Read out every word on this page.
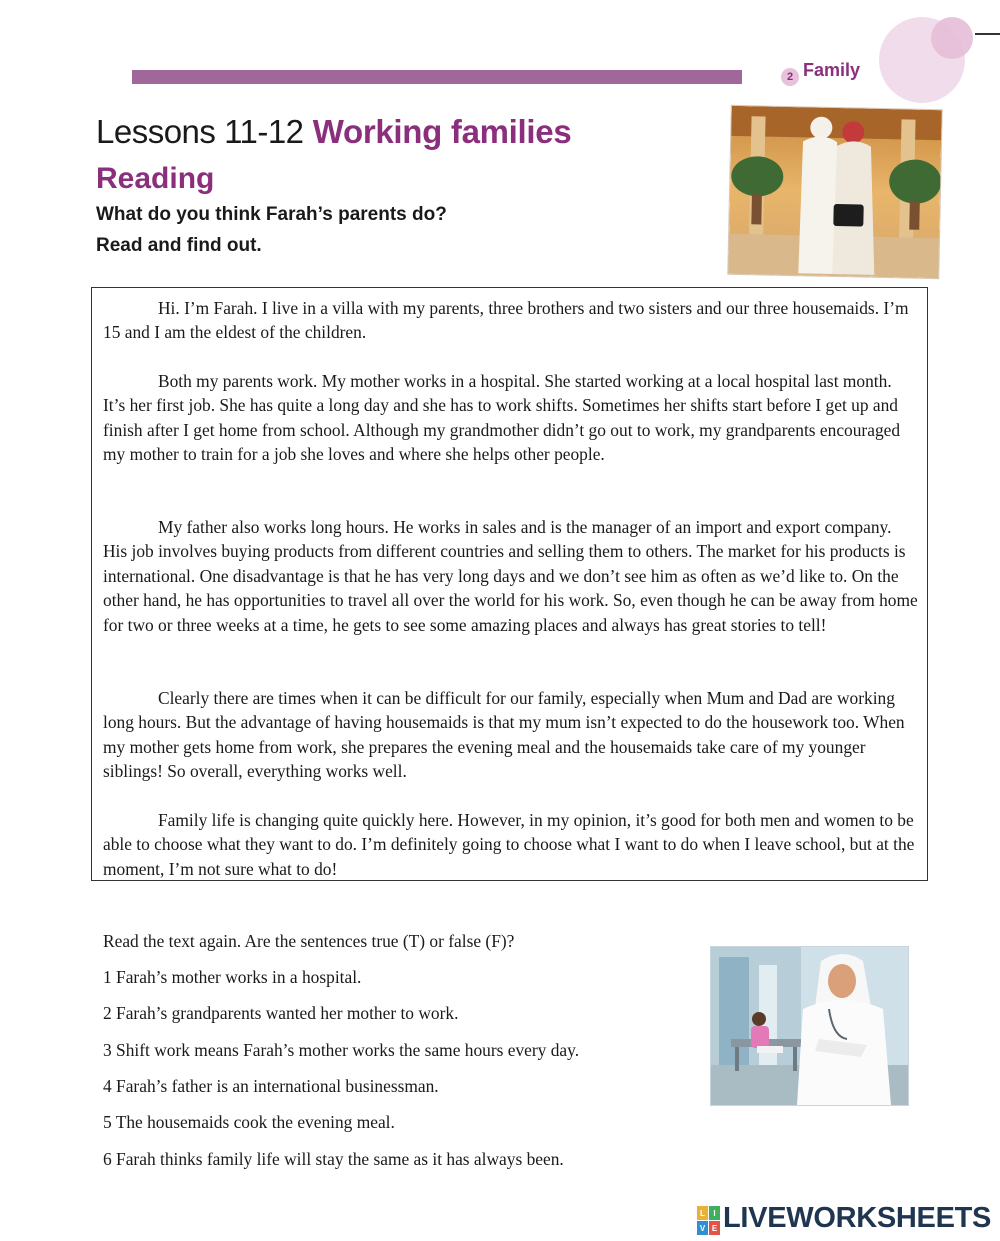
2 Family
Lessons 11-12 Working families
Reading
What do you think Farah’s parents do?
Read and find out.

Hi. I’m Farah. I live in a villa with my parents, three brothers and two sisters and our three housemaids. I’m 15 and I am the eldest of the children.

Both my parents work. My mother works in a hospital. She started working at a local hospital last month. It’s her first job. She has quite a long day and she has to work shifts. Sometimes her shifts start before I get up and finish after I get home from school. Although my grandmother didn’t go out to work, my grandparents encouraged my mother to train for a job she loves and where she helps other people.

My father also works long hours. He works in sales and is the manager of an import and export company. His job involves buying products from different countries and selling them to others. The market for his products is international. One disadvantage is that he has very long days and we don’t see him as often as we’d like to. On the other hand, he has opportunities to travel all over the world for his work. So, even though he can be away from home for two or three weeks at a time, he gets to see some amazing places and always has great stories to tell!

Clearly there are times when it can be difficult for our family, especially when Mum and Dad are working long hours. But the advantage of having housemaids is that my mum isn’t expected to do the housework too. When my mother gets home from work, she prepares the evening meal and the housemaids take care of my younger siblings! So overall, everything works well.

Family life is changing quite quickly here. However, in my opinion, it’s good for both men and women to be able to choose what they want to do. I’m definitely going to choose what I want to do when I leave school, but at the moment, I’m not sure what to do!

Read the text again. Are the sentences true (T) or false (F)?
1 Farah’s mother works in a hospital.
2 Farah’s grandparents wanted her mother to work.
3 Shift work means Farah’s mother works the same hours every day.
4 Farah’s father is an international businessman.
5 The housemaids cook the evening meal.
6 Farah thinks family life will stay the same as it has always been.
L I
V E LIVEWORKSHEETS
